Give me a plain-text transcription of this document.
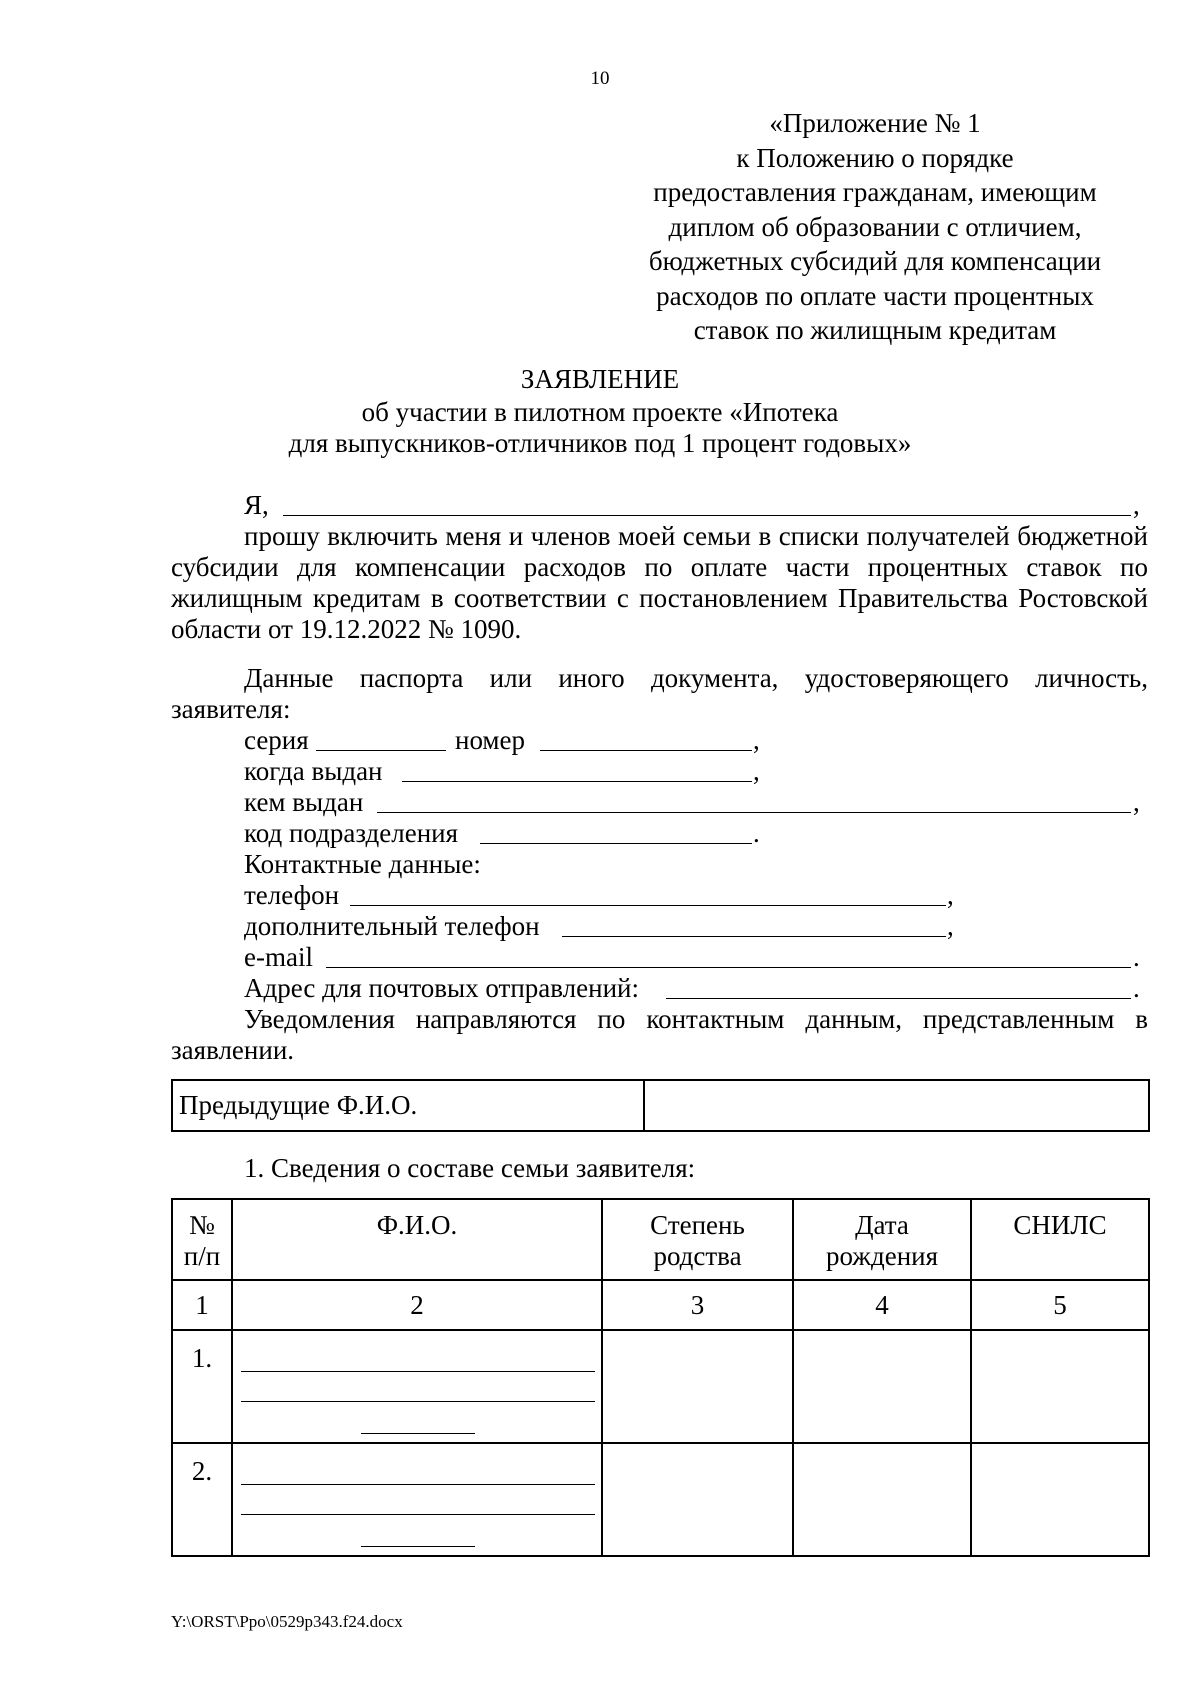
10
«Приложение № 1
к Положению о порядке
предоставления гражданам, имеющим
диплом об образовании с отличием,
бюджетных субсидий для компенсации
расходов по оплате части процентных
ставок по жилищным кредитам
ЗАЯВЛЕНИЕ
об участии в пилотном проекте «Ипотека
для выпускников-отличников под 1 процент годовых»
Я,	,
прошу включить меня и членов моей семьи в списки получателей бюджетной субсидии для компенсации расходов по оплате части процентных ставок по жилищным кредитам в соответствии с постановлением Правительства Ростовской области от 19.12.2022 № 1090.
Данные паспорта или иного документа, удостоверяющего личность, заявителя:
серия	номер	,
когда выдан	,
кем выдан	,
код подразделения	.
Контактные данные:
телефон	,
дополнительный телефон	,
e-mail	.
Адрес для почтовых отправлений:	.
Уведомления направляются по контактным данным, представленным в заявлении.
Предыдущие Ф.И.О.	
1. Сведения о составе семьи заявителя:
№ п/п	Ф.И.О.	Степень родства	Дата рождения	СНИЛС

1	2	3	4	5

1.				

2.				

Y:\ORST\Ppo\0529p343.f24.docx
